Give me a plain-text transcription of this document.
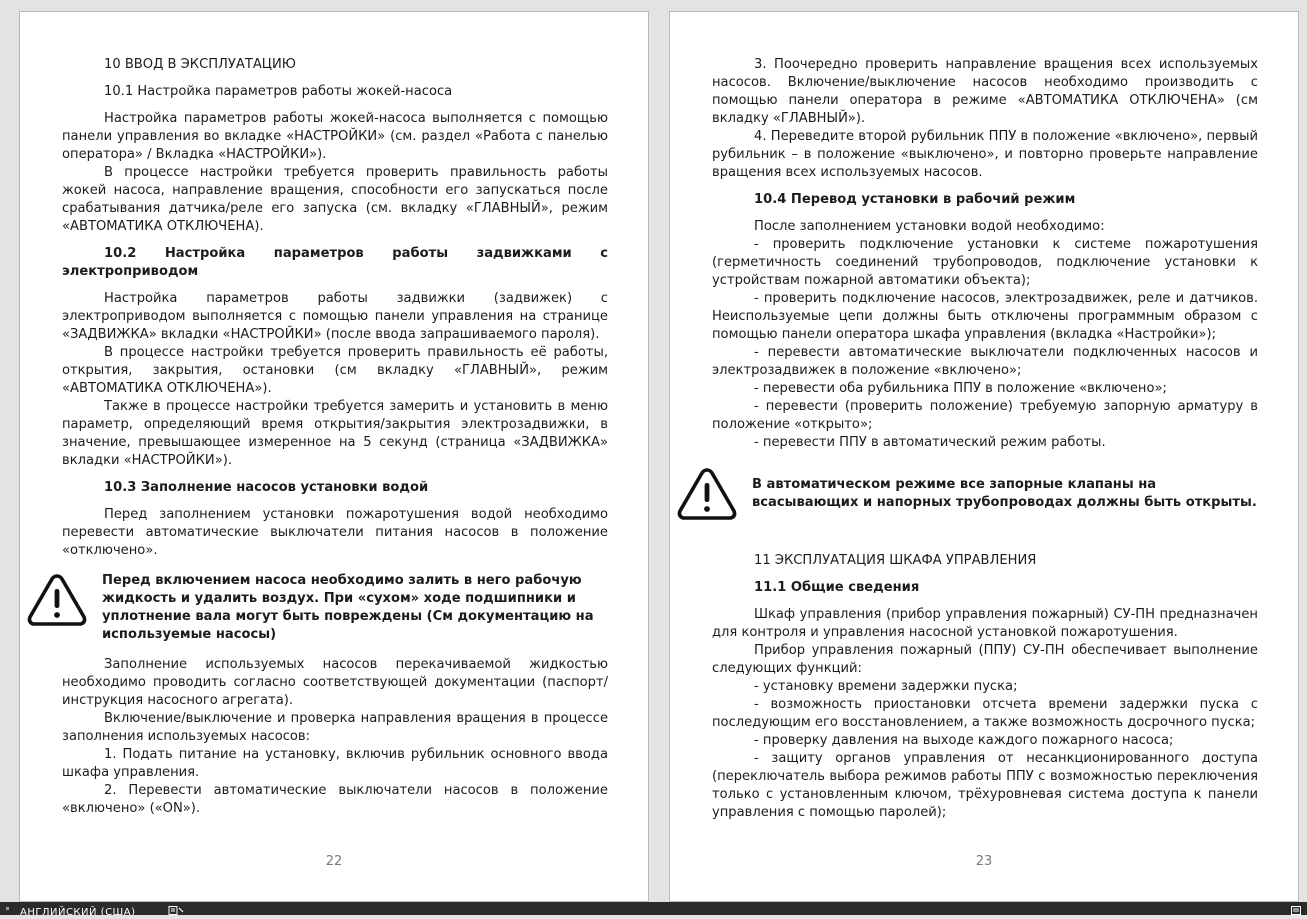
10 ВВОД В ЭКСПЛУАТАЦИЮ
10.1 Настройка параметров работы жокей-насоса

Настройка параметров работы жокей-насоса выполняется с помощью панели управления во вкладке «НАСТРОЙКИ» (см. раздел «Работа с панелью оператора» / Вкладка «НАСТРОЙКИ»).

В процессе настройки требуется проверить правильность работы жокей насоса, направление вращения, способности его запускаться после срабатывания датчика/реле его запуска (см. вкладку «ГЛАВНЫЙ», режим «АВТОМАТИКА ОТКЛЮЧЕНА).

10.2 Настройка параметров работы задвижками с электроприводом

Настройка параметров работы задвижки (задвижек) с электроприводом выполняется с помощью панели управления на странице «ЗАДВИЖКА» вкладки «НАСТРОЙКИ» (после ввода запрашиваемого пароля).

В процессе настройки требуется проверить правильность её работы, открытия, закрытия, остановки (см вкладку «ГЛАВНЫЙ», режим «АВТОМАТИКА ОТКЛЮЧЕНА»).

Также в процессе настройки требуется замерить и установить в меню параметр, определяющий время открытия/закрытия электрозадвижки, в значение, превышающее измеренное на 5 секунд (страница «ЗАДВИЖКА» вкладки «НАСТРОЙКИ»).

10.3 Заполнение насосов установки водой

Перед заполнением установки пожаротушения водой необходимо перевести автоматические выключатели питания насосов в положение «отключено».

Перед включением насоса необходимо залить в него рабочую жидкость и удалить воздух. При «сухом» ходе подшипники и уплотнение вала могут быть повреждены (См документацию на используемые насосы)

Заполнение используемых насосов перекачиваемой жидкостью необходимо проводить согласно соответствующей документации (паспорт/инструкция насосного агрегата).

Включение/выключение и проверка направления вращения в процессе заполнения используемых насосов:

1. Подать питание на установку, включив рубильник основного ввода шкафа управления.

2. Перевести автоматические выключатели насосов в положение «включено» («ON»).

22

3. Поочередно проверить направление вращения всех используемых насосов. Включение/выключение насосов необходимо производить с помощью панели оператора в режиме «АВТОМАТИКА ОТКЛЮЧЕНА» (см вкладку «ГЛАВНЫЙ»).

4. Переведите второй рубильник ППУ в положение «включено», первый рубильник – в положение «выключено», и повторно проверьте направление вращения всех используемых насосов.

10.4 Перевод установки в рабочий режим

После заполнением установки водой необходимо:

- проверить подключение установки к системе пожаротушения (герметичность соединений трубопроводов, подключение установки к устройствам пожарной автоматики объекта);

- проверить подключение насосов, электрозадвижек, реле и датчиков. Неиспользуемые цепи должны быть отключены программным образом с помощью панели оператора шкафа управления (вкладка «Настройки»);

- перевести автоматические выключатели подключенных насосов и электрозадвижек в положение «включено»;

- перевести оба рубильника ППУ в положение «включено»;

- перевести (проверить положение) требуемую запорную арматуру в положение «открыто»;

- перевести ППУ в автоматический режим работы.

В автоматическом режиме все запорные клапаны на всасывающих и напорных трубопроводах должны быть открыты.
11 ЭКСПЛУАТАЦИЯ ШКАФА УПРАВЛЕНИЯ
11.1 Общие сведения

Шкаф управления (прибор управления пожарный) СУ-ПН предназначен для контроля и управления насосной установкой пожаротушения.

Прибор управления пожарный (ППУ) СУ-ПН обеспечивает выполнение следующих функций:

- установку времени задержки пуска;

- возможность приостановки отсчета времени задержки пуска с последующим его восстановлением, а также возможность досрочного пуска;

- проверку давления на выходе каждого пожарного насоса;

- защиту органов управления от несанкционированного доступа (переключатель выбора режимов работы ППУ с возможностью переключения только с установленным ключом, трёхуровневая система доступа к панели управления с помощью паролей);

23
АНГЛИЙСКИЙ (США)
